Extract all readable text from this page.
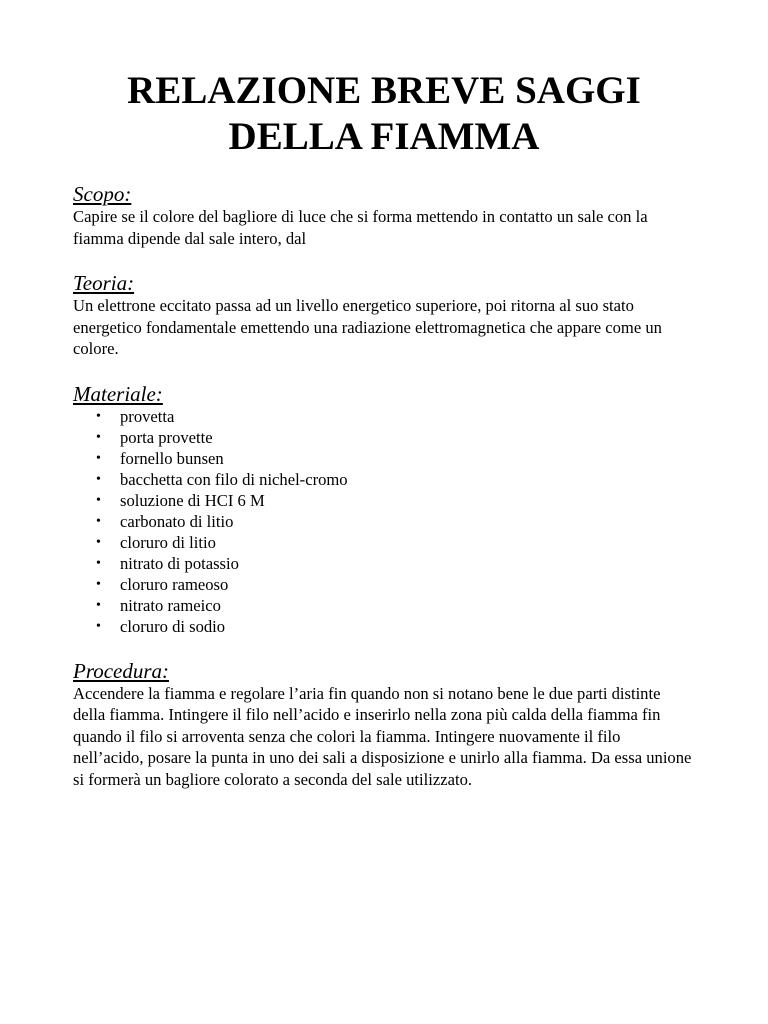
RELAZIONE BREVE SAGGI
DELLA FIAMMA

Scopo:

Capire se il colore del bagliore di luce che si forma mettendo in contatto un sale con la fiamma dipende dal sale intero, dal

Teoria:

Un elettrone eccitato passa ad un livello energetico superiore, poi ritorna al suo stato energetico fondamentale emettendo una radiazione elettromagnetica che appare come un colore.

Materiale:

• provetta
• porta provette
• fornello bunsen
• bacchetta con filo di nichel-cromo
• soluzione di HCI 6 M
• carbonato di litio
• cloruro di litio
• nitrato di potassio
• cloruro rameoso
• nitrato rameico
• cloruro di sodio

Procedura:

Accendere la fiamma e regolare l’aria fin quando non si notano bene le due parti distinte della fiamma. Intingere il filo nell’acido e inserirlo nella zona più calda della fiamma fin quando il filo si arroventa senza che colori la fiamma. Intingere nuovamente il filo nell’acido, posare la punta in uno dei sali a disposizione e unirlo alla fiamma. Da essa unione si formerà un bagliore colorato a seconda del sale utilizzato.
